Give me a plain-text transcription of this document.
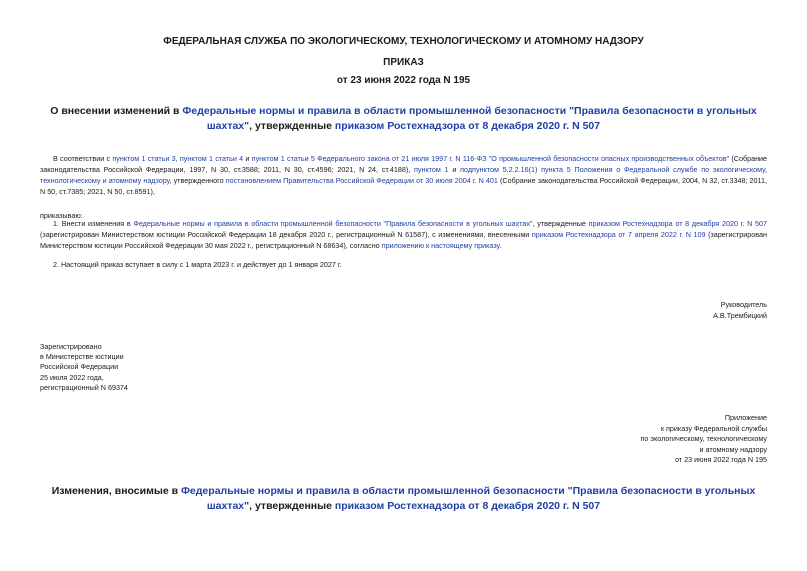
ФЕДЕРАЛЬНАЯ СЛУЖБА ПО ЭКОЛОГИЧЕСКОМУ, ТЕХНОЛОГИЧЕСКОМУ И АТОМНОМУ НАДЗОРУ
ПРИКАЗ
от 23 июня 2022 года N 195
О внесении изменений в Федеральные нормы и правила в области промышленной безопасности "Правила безопасности в угольных шахтах", утвержденные приказом Ростехнадзора от 8 декабря 2020 г. N 507
В соответствии с пунктом 1 статьи 3, пунктом 1 статьи 4 и пунктом 1 статьи 5 Федерального закона от 21 июля 1997 г. N 116-ФЗ "О промышленной безопасности опасных производственных объектов" (Собрание законодательства Российской Федерации, 1997, N 30, ст.3588; 2011, N 30, ст.4596; 2021, N 24, ст.4188), пунктом 1 и подпунктом 5.2.2.16(1) пункта 5 Положения о Федеральной службе по экологическому, технологическому и атомному надзору, утвержденного постановлением Правительства Российской Федерации от 30 июля 2004 г. N 401 (Собрание законодательства Российской Федерации, 2004, N 32, ст.3348; 2011, N 50, ст.7385; 2021, N 50, ст.8591),
приказываю:
1. Внести изменения в Федеральные нормы и правила в области промышленной безопасности "Правила безопасности в угольных шахтах", утвержденные приказом Ростехнадзора от 8 декабря 2020 г. N 507 (зарегистрирован Министерством юстиции Российской Федерации 18 декабря 2020 г., регистрационный N 61587), с изменениями, внесенными приказом Ростехнадзора от 7 апреля 2022 г. N 109 (зарегистрирован Министерством юстиции Российской Федерации 30 мая 2022 г., регистрационный N 68634), согласно приложению к настоящему приказу.
2. Настоящий приказ вступает в силу с 1 марта 2023 г. и действует до 1 января 2027 г.
Руководитель
А.В.Трембицкий
Зарегистрировано
в Министерстве юстиции
Российской Федерации
25 июля 2022 года,
регистрационный N 69374
Приложение
к приказу Федеральной службы
по экологическому, технологическому
и атомному надзору
от 23 июня 2022 года N 195
Изменения, вносимые в Федеральные нормы и правила в области промышленной безопасности "Правила безопасности в угольных шахтах", утвержденные приказом Ростехнадзора от 8 декабря 2020 г. N 507
